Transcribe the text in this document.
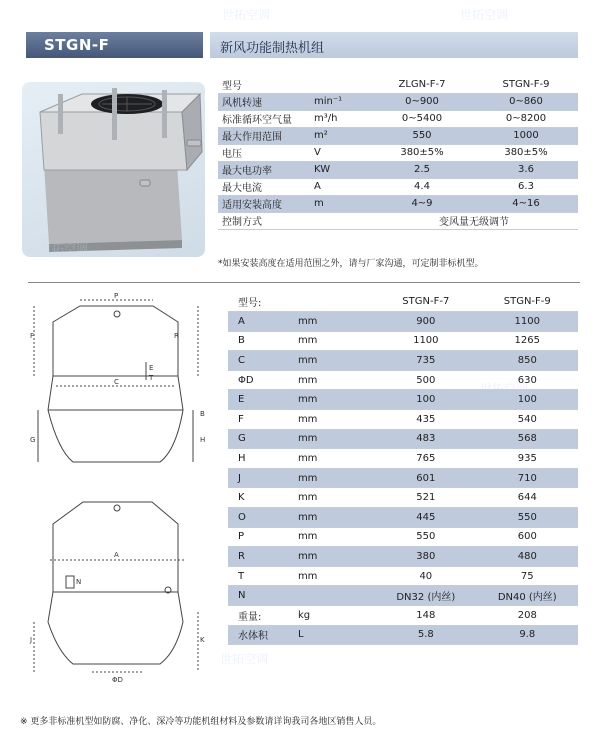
STGN-F	新风功能制热机组
型号		ZLGN-F-7	STGN-F-9
风机转速	min⁻¹	0~900	0~860
标准循环空气量	m³/h	0~5400	0~8200
最大作用范围	m²	550	1000
电压	V	380±5%	380±5%
最大电功率	KW	2.5	3.6
最大电流	A	4.4	6.3
适用安装高度	m	4~9	4~16
控制方式		变风量无级调节	
*如果安装高度在适用范围之外，请与厂家沟通，可定制非标机型。
P
R
F
E
T
C
B
G	H
A
N
J	K
ΦD
型号:		STGN-F-7	STGN-F-9
A	mm	900	1100
B	mm	1100	1265
C	mm	735	850
ΦD	mm	500	630
E	mm	100	100
F	mm	435	540
G	mm	483	568
H	mm	765	935
J	mm	601	710
K	mm	521	644
O	mm	445	550
P	mm	550	600
R	mm	380	480
T	mm	40	75
N		DN32 (内丝)	DN40 (内丝)
重量:	kg	148	208
水体积	L	5.8	9.8
※ 更多非标准机型如防腐、净化、深冷等功能机组材料及参数请详询我司各地区销售人员。
世拓空调	世拓空调
世拓空调
世拓空调
世拓空调
